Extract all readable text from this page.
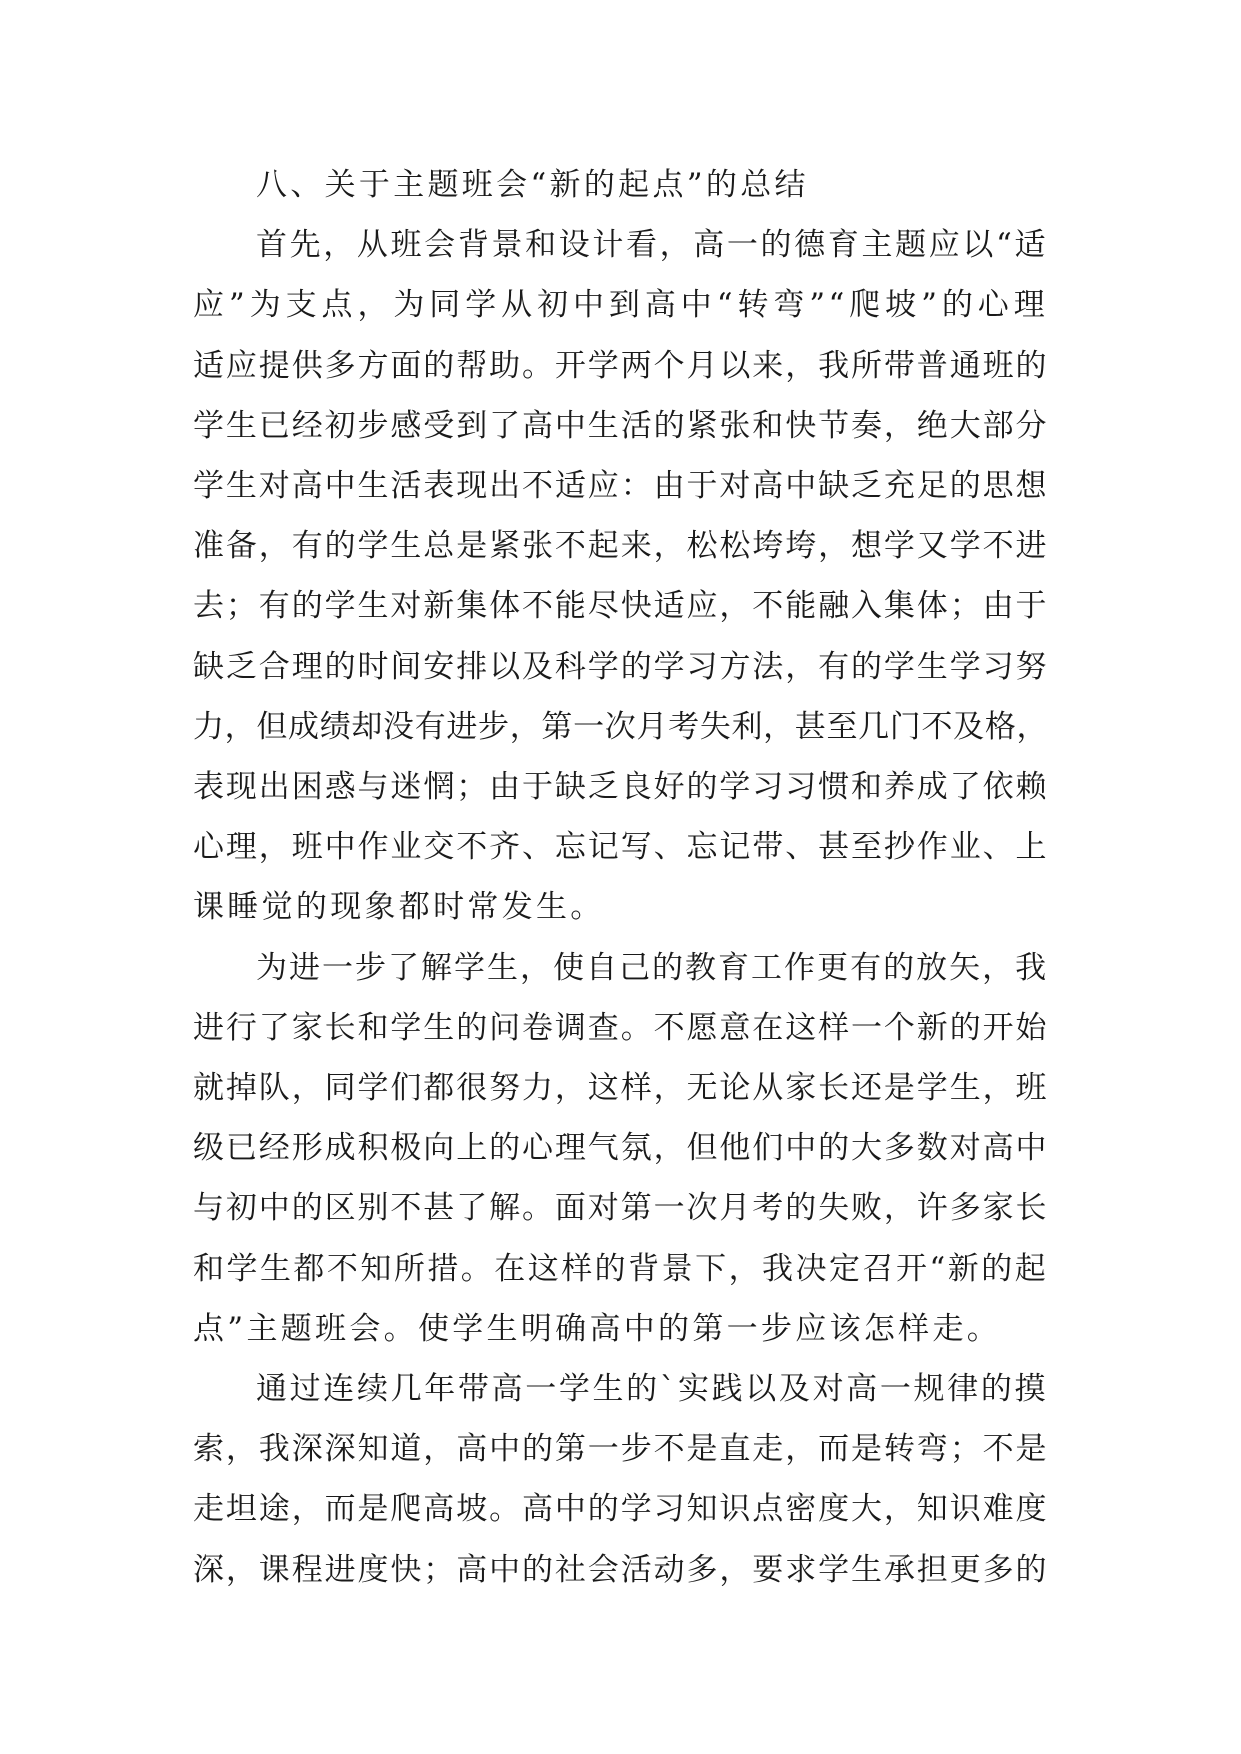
八、关于主题班会“新的起点”的总结
首先，从班会背景和设计看，高一的德育主题应以“适
应”为支点，为同学从初中到高中“转弯”“爬坡”的心理
适应提供多方面的帮助。开学两个月以来，我所带普通班的
学生已经初步感受到了高中生活的紧张和快节奏，绝大部分
学生对高中生活表现出不适应：由于对高中缺乏充足的思想
准备，有的学生总是紧张不起来，松松垮垮，想学又学不进
去；有的学生对新集体不能尽快适应，不能融入集体；由于
缺乏合理的时间安排以及科学的学习方法，有的学生学习努
力，但成绩却没有进步，第一次月考失利，甚至几门不及格，
表现出困惑与迷惘；由于缺乏良好的学习习惯和养成了依赖
心理，班中作业交不齐、忘记写、忘记带、甚至抄作业、上
课睡觉的现象都时常发生。
为进一步了解学生，使自己的教育工作更有的放矢，我
进行了家长和学生的问卷调查。不愿意在这样一个新的开始
就掉队，同学们都很努力，这样，无论从家长还是学生，班
级已经形成积极向上的心理气氛，但他们中的大多数对高中
与初中的区别不甚了解。面对第一次月考的失败，许多家长
和学生都不知所措。在这样的背景下，我决定召开“新的起
点”主题班会。使学生明确高中的第一步应该怎样走。
通过连续几年带高一学生的`实践以及对高一规律的摸
索，我深深知道，高中的第一步不是直走，而是转弯；不是
走坦途，而是爬高坡。高中的学习知识点密度大，知识难度
深，课程进度快；高中的社会活动多，要求学生承担更多的
